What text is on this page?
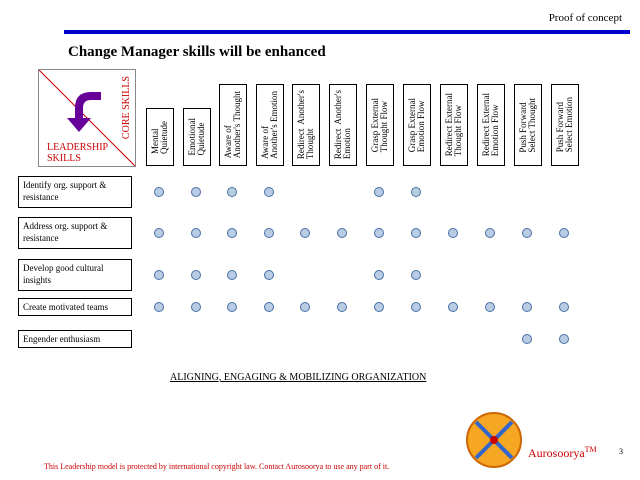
Proof of concept
Change Manager skills will be enhanced
CORE SKILLS
LEADERSHIP SKILLS
Mental
Quietude Emotional
Quietude Aware of
Another's Thought
Aware of
Another's Emotion
Redirect  Another's
Thought Redirect  Another's
Emotion Grasp External
Thought Flow
Grasp External
Emotion Flow
Redirect External
Thought Flow
Redirect External
Emotion Flow
Push Forward
Select Thought
Push Forward
Select Emotion
Identify org. support & resistance
Address org. support & resistance
Develop good cultural insights
Create motivated teams
Engender enthusiasm
ALIGNING, ENGAGING & MOBILIZING ORGANIZATION
Aurosoorya™	3
This Leadership model is protected by international copyright law. Contact Aurosoorya to use any part of it.
